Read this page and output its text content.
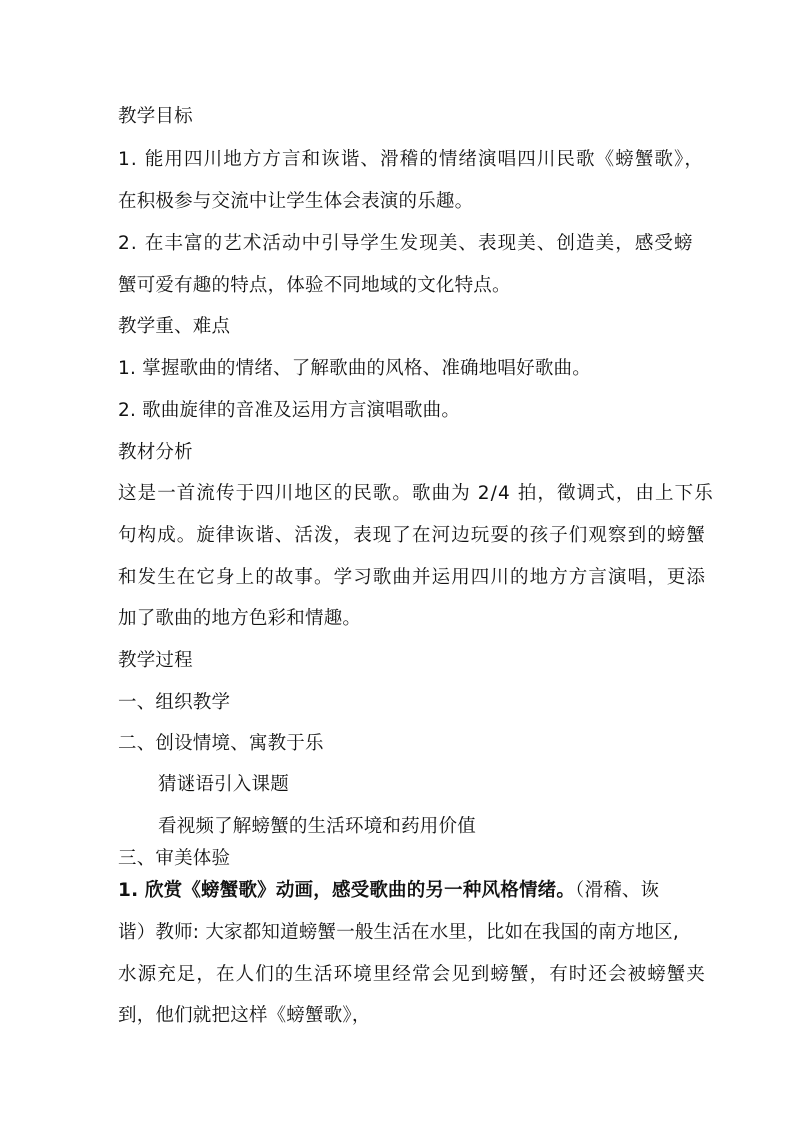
教学目标
1. 能用四川地方方言和诙谐、滑稽的情绪演唱四川民歌《螃蟹歌》，
在积极参与交流中让学生体会表演的乐趣。
2. 在丰富的艺术活动中引导学生发现美、表现美、创造美，感受螃
蟹可爱有趣的特点，体验不同地域的文化特点。
教学重、难点
1. 掌握歌曲的情绪、了解歌曲的风格、准确地唱好歌曲。
2. 歌曲旋律的音准及运用方言演唱歌曲。
教材分析
这是一首流传于四川地区的民歌。歌曲为 2/4 拍，徵调式，由上下乐
句构成。旋律诙谐、活泼，表现了在河边玩耍的孩子们观察到的螃蟹
和发生在它身上的故事。学习歌曲并运用四川的地方方言演唱，更添
加了歌曲的地方色彩和情趣。
教学过程
一、组织教学
二、创设情境、寓教于乐
猜谜语引入课题
看视频了解螃蟹的生活环境和药用价值
三、审美体验
1. 欣赏《螃蟹歌》动画，感受歌曲的另一种风格情绪。（滑稽、诙
谐）教师: 大家都知道螃蟹一般生活在水里，比如在我国的南方地区,
水源充足，在人们的生活环境里经常会见到螃蟹，有时还会被螃蟹夹
到，他们就把这样《螃蟹歌》，
